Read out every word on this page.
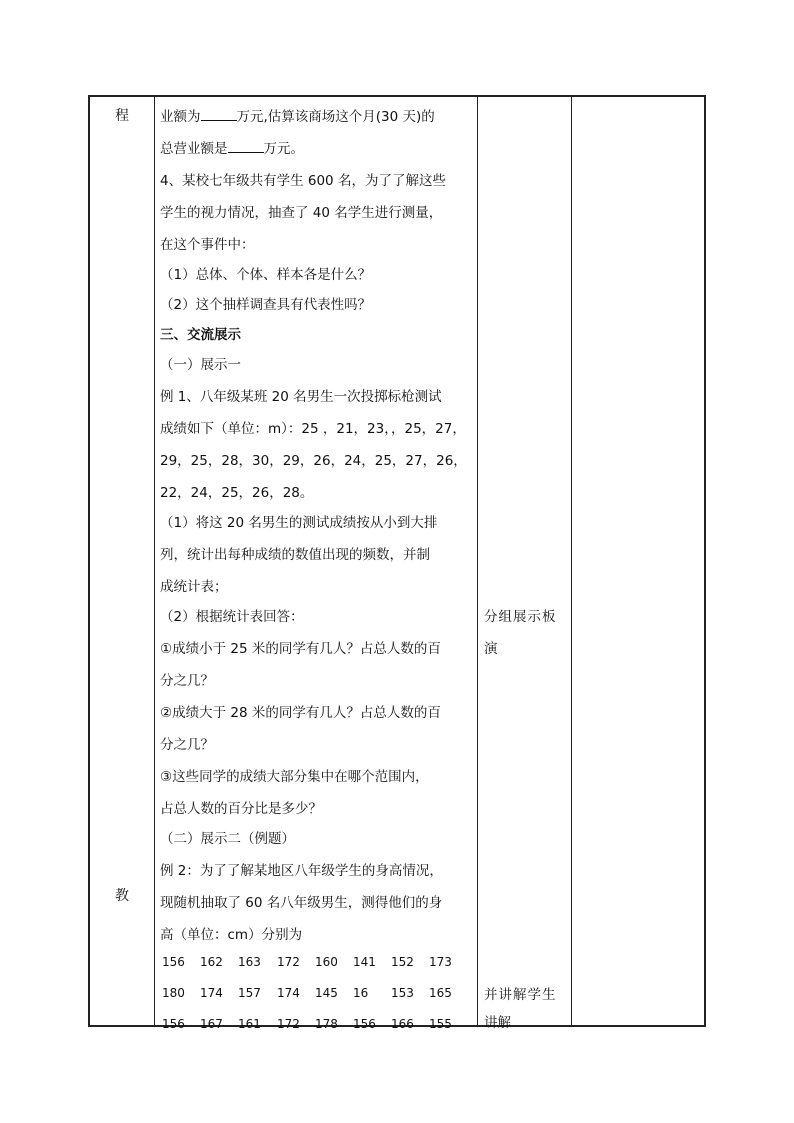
程
教
业额为	万元,估算该商场这个月(30 天)的
总营业额是	万元。
4、某校七年级共有学生 600 名，为了了解这些
学生的视力情况，抽查了 40 名学生进行测量，
在这个事件中：
（1）总体、个体、样本各是什么？
（2）这个抽样调查具有代表性吗？
三、交流展示
（一）展示一
例 1、八年级某班 20 名男生一次投掷标枪测试
成绩如下（单位：m）：25 ，21，23，，25，27，
29，25，28，30，29，26，24，25，27，26，
22，24，25，26，28。
（1）将这 20 名男生的测试成绩按从小到大排
列，统计出每种成绩的数值出现的频数，并制
成统计表；
（2）根据统计表回答：
①成绩小于 25 米的同学有几人？占总人数的百
分之几？
②成绩大于 28 米的同学有几人？占总人数的百
分之几？
③这些同学的成绩大部分集中在哪个范围内，
占总人数的百分比是多少？
（二）展示二（例题）
例 2：为了了解某地区八年级学生的身高情况，
现随机抽取了 60 名八年级男生，测得他们的身
高（单位：cm）分别为
156 162 163 172 160 141 152 173
180 174 157 174 145 16 153 165
156 167 161 172 178 156 166 155
分组展示板
演
并讲解学生
讲解
